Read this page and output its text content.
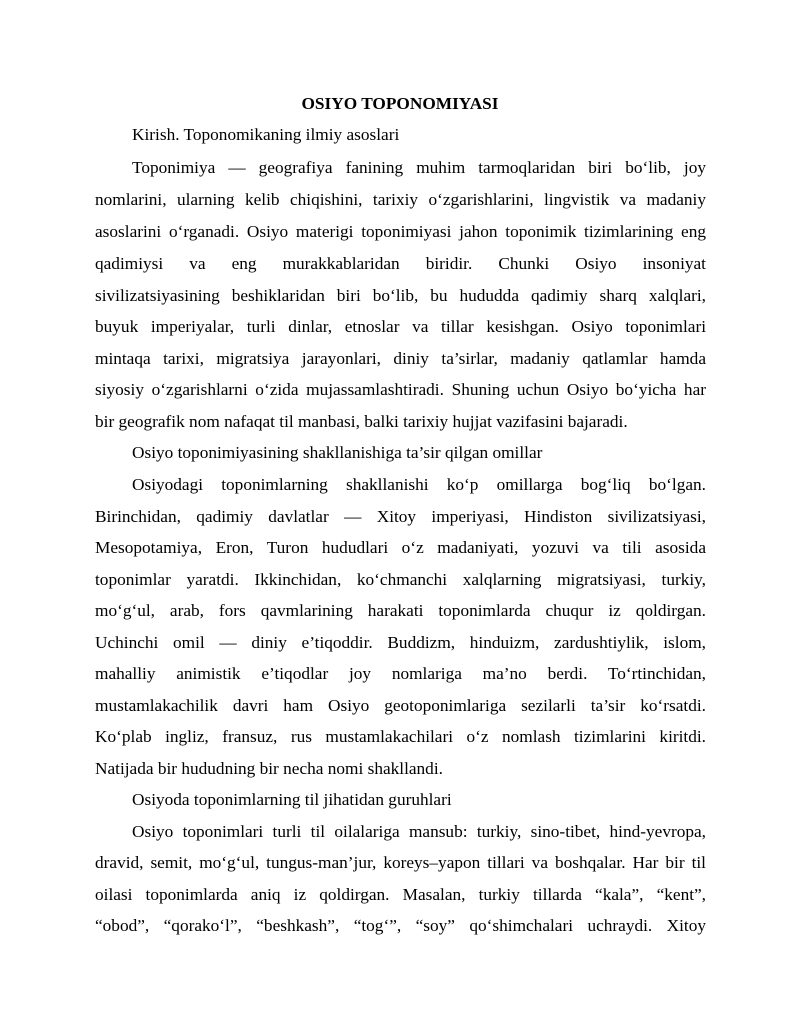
OSIYO TOPONOMIYASI
Kirish. Toponomikaning ilmiy asoslari
Toponimiya — geografiya fanining muhim tarmoqlaridan biri bo‘lib, joy
nomlarini, ularning kelib chiqishini, tarixiy o‘zgarishlarini, lingvistik va madaniy
asoslarini o‘rganadi. Osiyo materigi toponimiyasi jahon toponimik tizimlarining eng
qadimiysi va eng murakkablaridan biridir. Chunki Osiyo insoniyat
sivilizatsiyasining beshiklaridan biri bo‘lib, bu hududda qadimiy sharq xalqlari,
buyuk imperiyalar, turli dinlar, etnoslar va tillar kesishgan. Osiyo toponimlari
mintaqa tarixi, migratsiya jarayonlari, diniy ta’sirlar, madaniy qatlamlar hamda
siyosiy o‘zgarishlarni o‘zida mujassamlashtiradi. Shuning uchun Osiyo bo‘yicha har
bir geografik nom nafaqat til manbasi, balki tarixiy hujjat vazifasini bajaradi.
Osiyo toponimiyasining shakllanishiga ta’sir qilgan omillar
Osiyodagi toponimlarning shakllanishi ko‘p omillarga bog‘liq bo‘lgan.
Birinchidan, qadimiy davlatlar — Xitoy imperiyasi, Hindiston sivilizatsiyasi,
Mesopotamiya, Eron, Turon hududlari o‘z madaniyati, yozuvi va tili asosida
toponimlar yaratdi. Ikkinchidan, ko‘chmanchi xalqlarning migratsiyasi, turkiy,
mo‘g‘ul, arab, fors qavmlarining harakati toponimlarda chuqur iz qoldirgan.
Uchinchi omil — diniy e’tiqoddir. Buddizm, hinduizm, zardushtiylik, islom,
mahalliy animistik e’tiqodlar joy nomlariga ma’no berdi. To‘rtinchidan,
mustamlakachilik davri ham Osiyo geotoponimlariga sezilarli ta’sir ko‘rsatdi.
Ko‘plab ingliz, fransuz, rus mustamlakachilari o‘z nomlash tizimlarini kiritdi.
Natijada bir hududning bir necha nomi shakllandi.
Osiyoda toponimlarning til jihatidan guruhlari
Osiyo toponimlari turli til oilalariga mansub: turkiy, sino-tibet, hind-yevropa,
dravid, semit, mo‘g‘ul, tungus-man’jur, koreys–yapon tillari va boshqalar. Har bir til
oilasi toponimlarda aniq iz qoldirgan. Masalan, turkiy tillarda “kala”, “kent”,
“obod”, “qorako‘l”, “beshkash”, “tog‘”, “soy” qo‘shimchalari uchraydi. Xitoy
